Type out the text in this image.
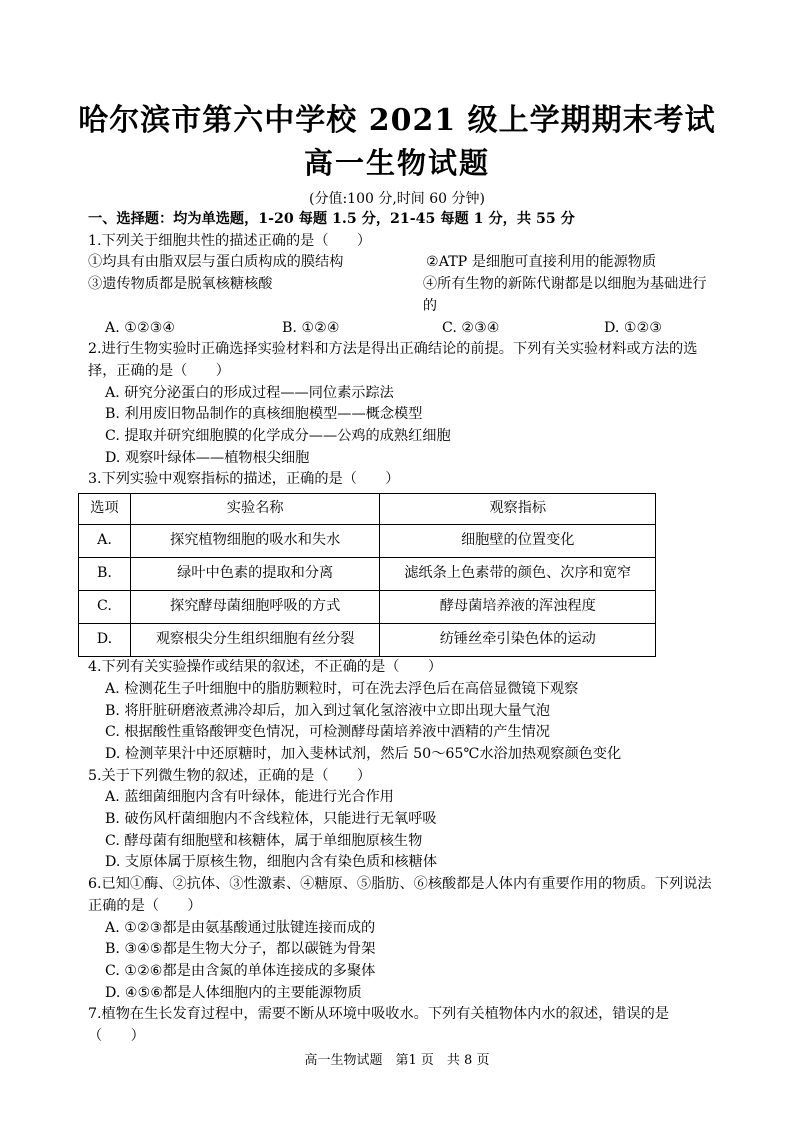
哈尔滨市第六中学校 2021 级上学期期末考试
高一生物试题
(分值:100 分,时间 60 分钟)

一、选择题：均为单选题，1-20 每题 1.5 分，21-45 每题 1 分，共 55 分

1.下列关于细胞共性的描述正确的是（　　）

①均具有由脂双层与蛋白质构成的膜结构	②ATP 是细胞可直接利用的能源物质
③遗传物质都是脱氧核糖核酸	④所有生物的新陈代谢都是以细胞为基础进行的
A. ①②③④	B. ①②④	C. ②③④	D. ①②③

2.进行生物实验时正确选择实验材料和方法是得出正确结论的前提。下列有关实验材料或方法的选择，正确的是（　　）

A. 研究分泌蛋白的形成过程——同位素示踪法

B. 利用废旧物品制作的真核细胞模型——概念模型

C. 提取并研究细胞膜的化学成分——公鸡的成熟红细胞

D. 观察叶绿体——植物根尖细胞

3.下列实验中观察指标的描述，正确的是（　　）

选项	实验名称	观察指标
A.	探究植物细胞的吸水和失水	细胞壁的位置变化
B.	绿叶中色素的提取和分离	滤纸条上色素带的颜色、次序和宽窄
C.	探究酵母菌细胞呼吸的方式	酵母菌培养液的浑浊程度
D.	观察根尖分生组织细胞有丝分裂	纺锤丝牵引染色体的运动

4.下列有关实验操作或结果的叙述，不正确的是（　　）

A. 检测花生子叶细胞中的脂肪颗粒时，可在洗去浮色后在高倍显微镜下观察

B. 将肝脏研磨液煮沸冷却后，加入到过氧化氢溶液中立即出现大量气泡

C. 根据酸性重铬酸钾变色情况，可检测酵母菌培养液中酒精的产生情况

D. 检测苹果汁中还原糖时，加入斐林试剂，然后 50～65℃水浴加热观察颜色变化

5.关于下列微生物的叙述，正确的是（　　）

A. 蓝细菌细胞内含有叶绿体，能进行光合作用

B. 破伤风杆菌细胞内不含线粒体，只能进行无氧呼吸

C. 酵母菌有细胞壁和核糖体，属于单细胞原核生物

D. 支原体属于原核生物，细胞内含有染色质和核糖体

6.已知①酶、②抗体、③性激素、④糖原、⑤脂肪、⑥核酸都是人体内有重要作用的物质。下列说法正确的是（　　）

A. ①②③都是由氨基酸通过肽键连接而成的

B. ③④⑤都是生物大分子，都以碳链为骨架

C. ①②⑥都是由含氮的单体连接成的多聚体

D. ④⑤⑥都是人体细胞内的主要能源物质

7.植物在生长发育过程中，需要不断从环境中吸收水。下列有关植物体内水的叙述，错误的是（　　）

高一生物试题　第1 页　共 8 页
